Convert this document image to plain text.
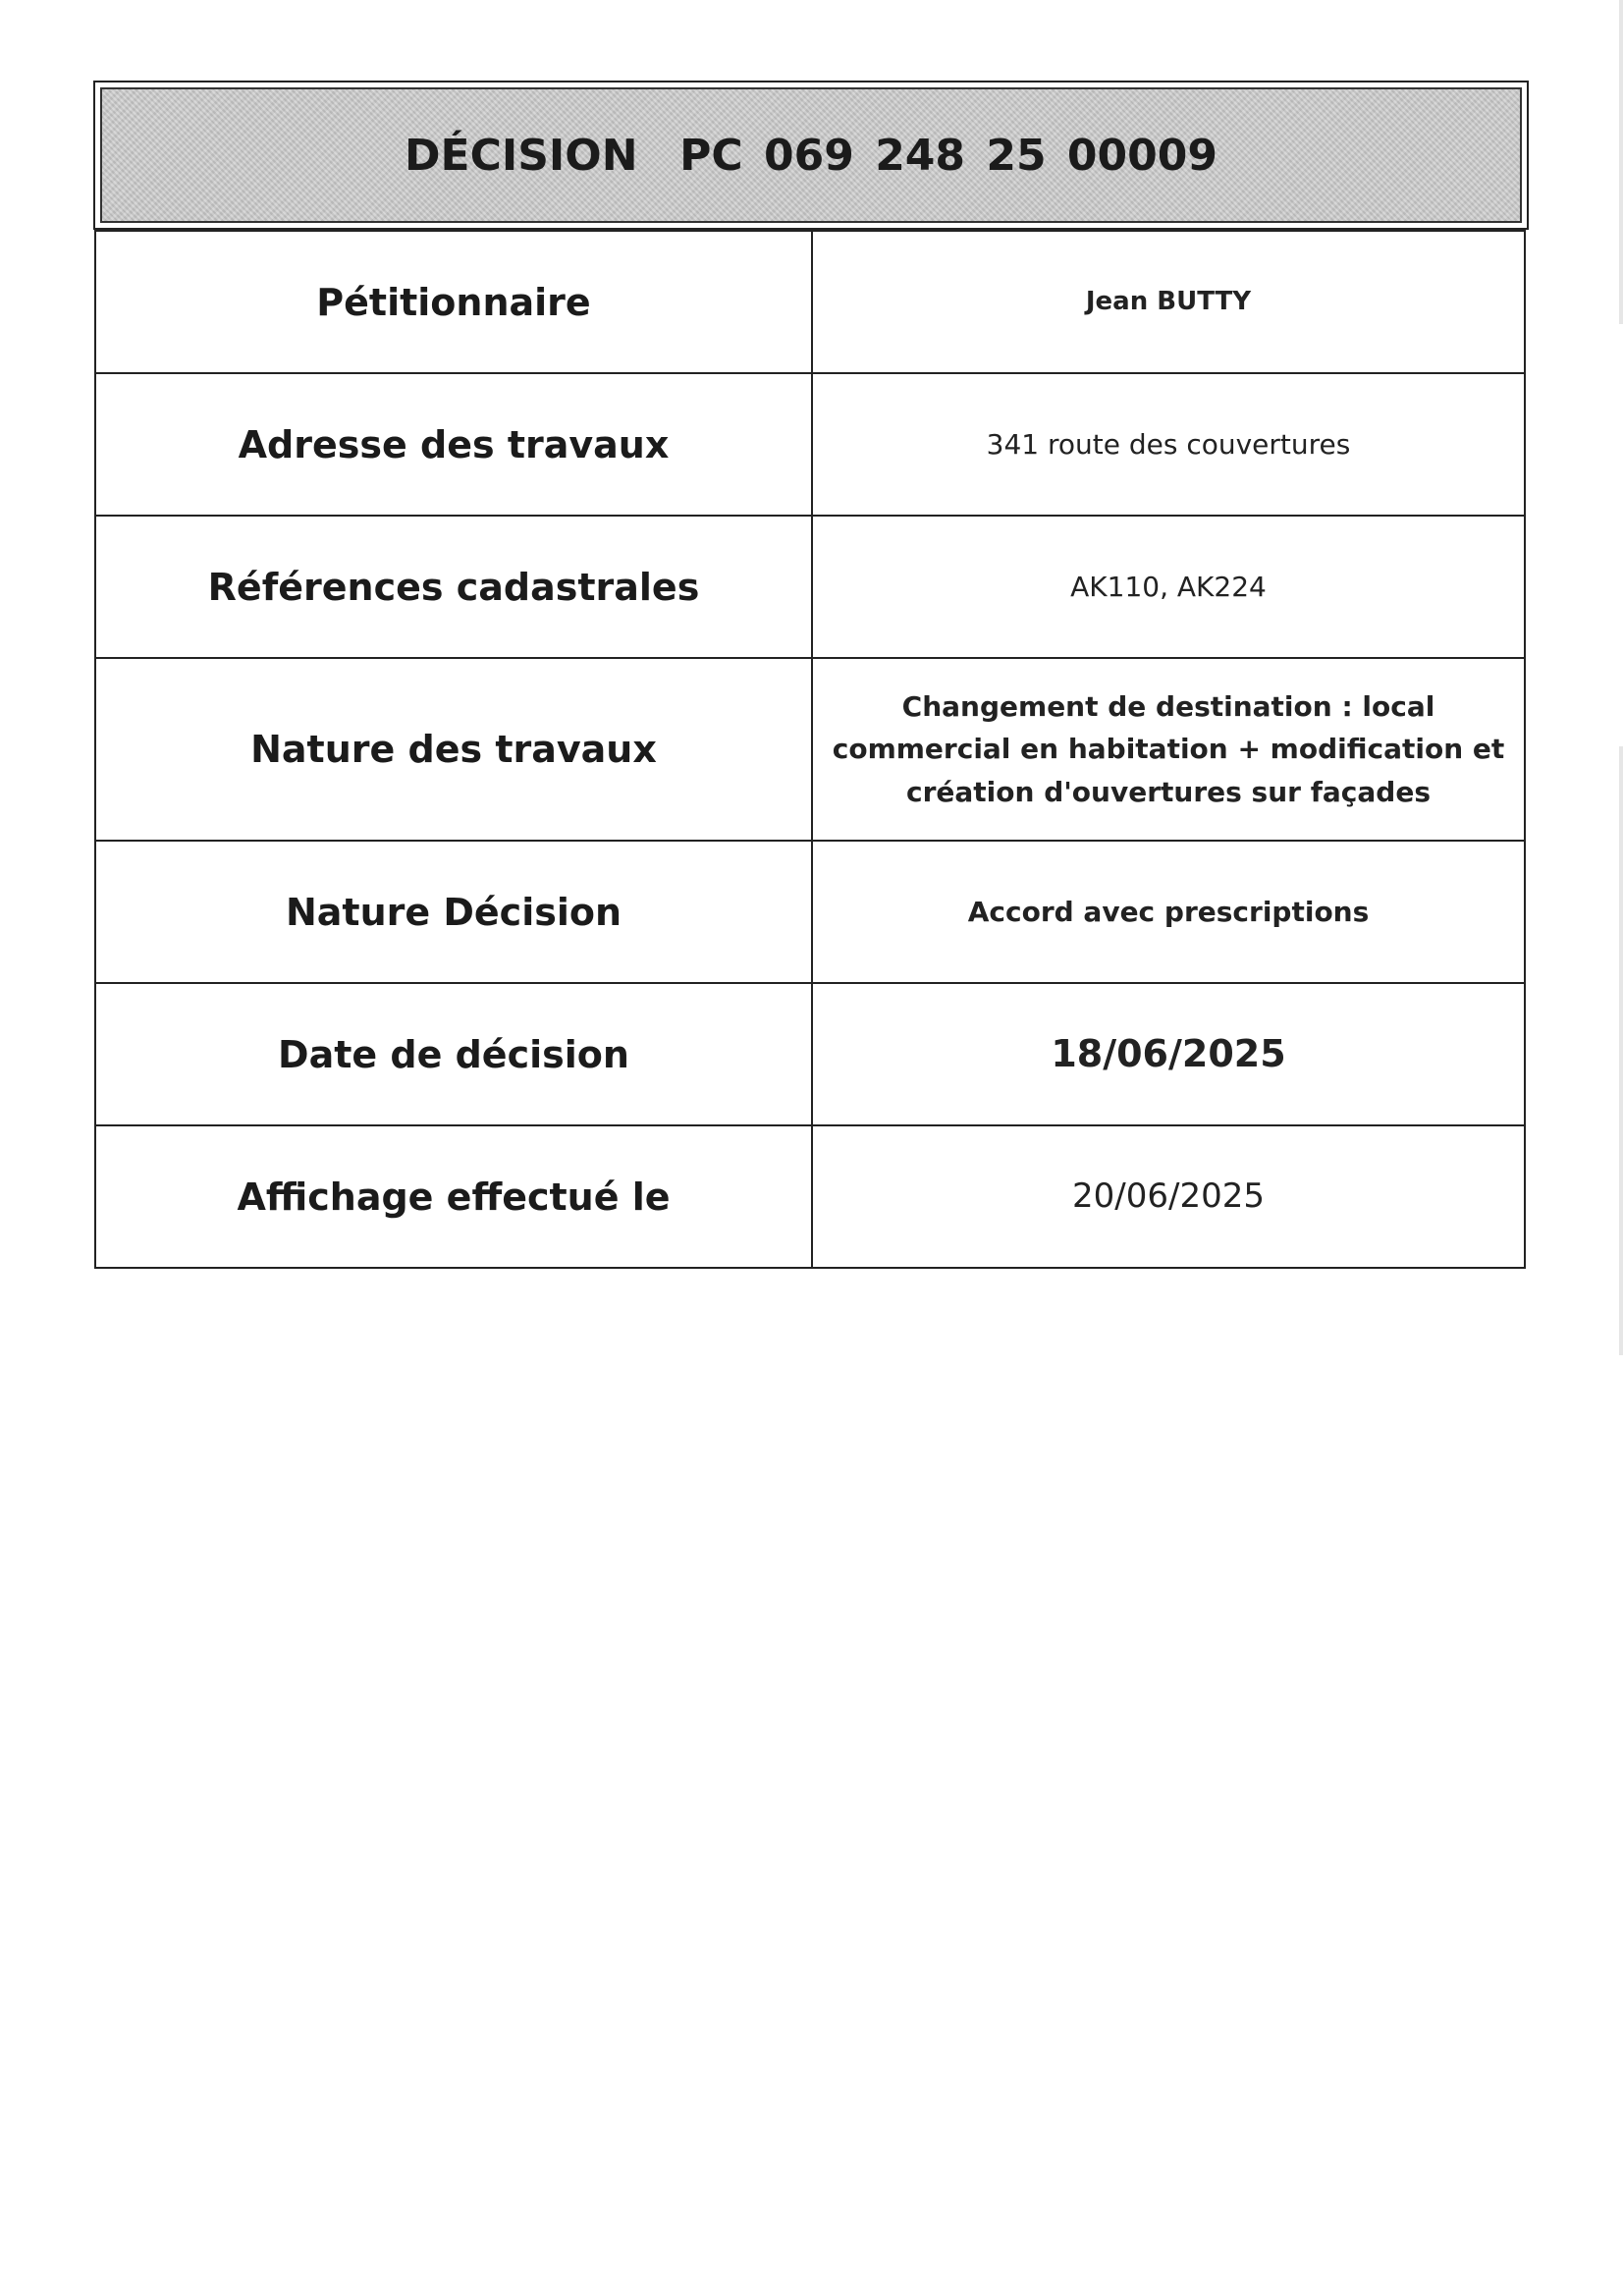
DÉCISION  PC 069 248 25 00009
Pétitionnaire	Jean BUTTY
Adresse des travaux	341 route des couvertures
Références cadastrales	AK110, AK224
Nature des travaux	Changement de destination : local commercial en habitation + modification et création d'ouvertures sur façades
Nature Décision	Accord avec prescriptions
Date de décision	18/06/2025
Affichage effectué le	20/06/2025
